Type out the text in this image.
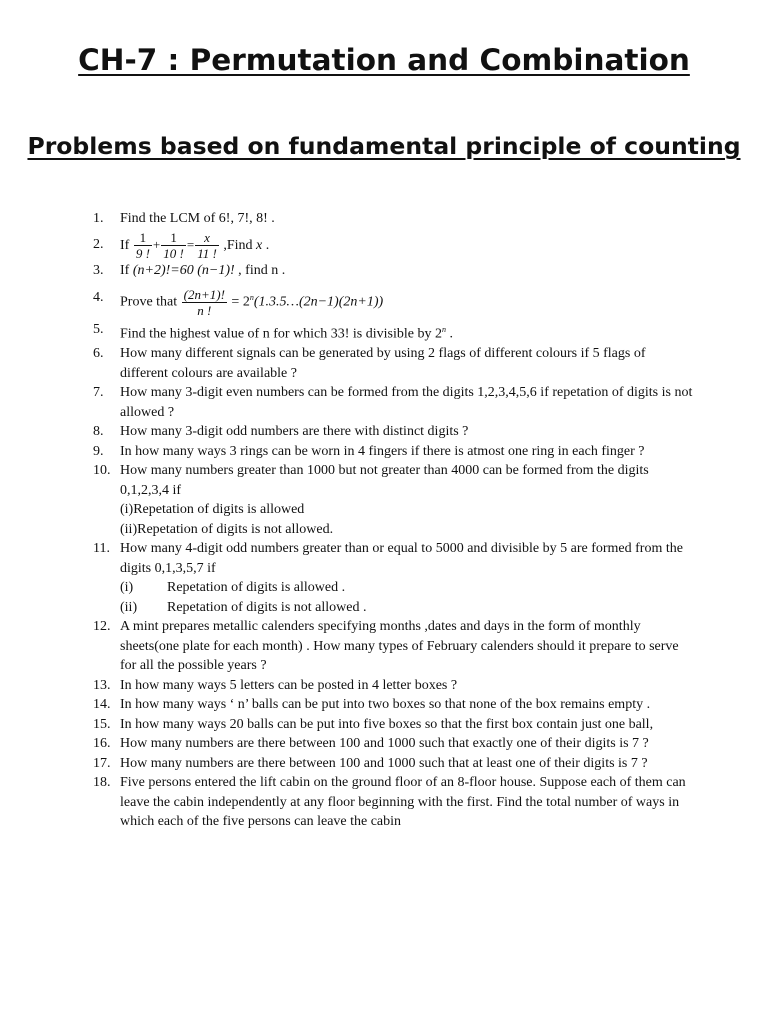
CH-7 : Permutation and Combination
Problems based on fundamental principle of counting
1. Find the LCM of 6!, 7!, 8! .
2. If $\frac{1}{9 !} + \frac{1}{10 !} = \frac{x}{11 !}$ ,Find x .
3. If (n+2)!=60 (n−1)! , find n .
4. Prove that $\frac{(2n+1)!}{n !}$ = $2^n(1.3.5\dots(2n-1)(2n+1))$
5. Find the highest value of n for which 33! is divisible by 2$^n$ .
6. How many different signals can be generated by using 2 flags of different colours if 5 flags of different colours are available ?
7. How many 3-digit even numbers can be formed from the digits 1,2,3,4,5,6 if repetation of digits is not allowed ?
8. How many 3-digit odd numbers are there with distinct digits ?
9. In how many ways 3 rings can be worn in 4 fingers if there is atmost one ring in each finger ?
10. How many numbers greater than 1000 but not greater than 4000 can be formed from the digits 0,1,2,3,4 if
(i)Repetation of digits is allowed
(ii)Repetation of digits is not allowed.
11. How many 4-digit odd numbers greater than or equal to 5000 and divisible by 5 are formed from the digits 0,1,3,5,7 if
(i) Repetation of digits is allowed .
(ii) Repetation of digits is not allowed .
12. A mint prepares metallic calenders specifying months ,dates and days in the form of monthly sheets(one plate for each month) . How many types of February calenders should it prepare to serve for all the possible years ?
13. In how many ways 5 letters can be posted in 4 letter boxes ?
14. In how many ways ‘ n’ balls can be put into two boxes so that none of the box remains empty .
15. In how many ways 20 balls can be put into five boxes so that the first box contain just one ball,
16. How many numbers are there between 100 and 1000 such that exactly one of their digits is 7 ?
17. How many numbers are there between 100 and 1000 such that at least one of their digits is 7 ?
18. Five persons entered the lift cabin on the ground floor of an 8-floor house. Suppose each of them can leave the cabin independently at any floor beginning with the first. Find the total number of ways in which each of the five persons can leave the cabin
